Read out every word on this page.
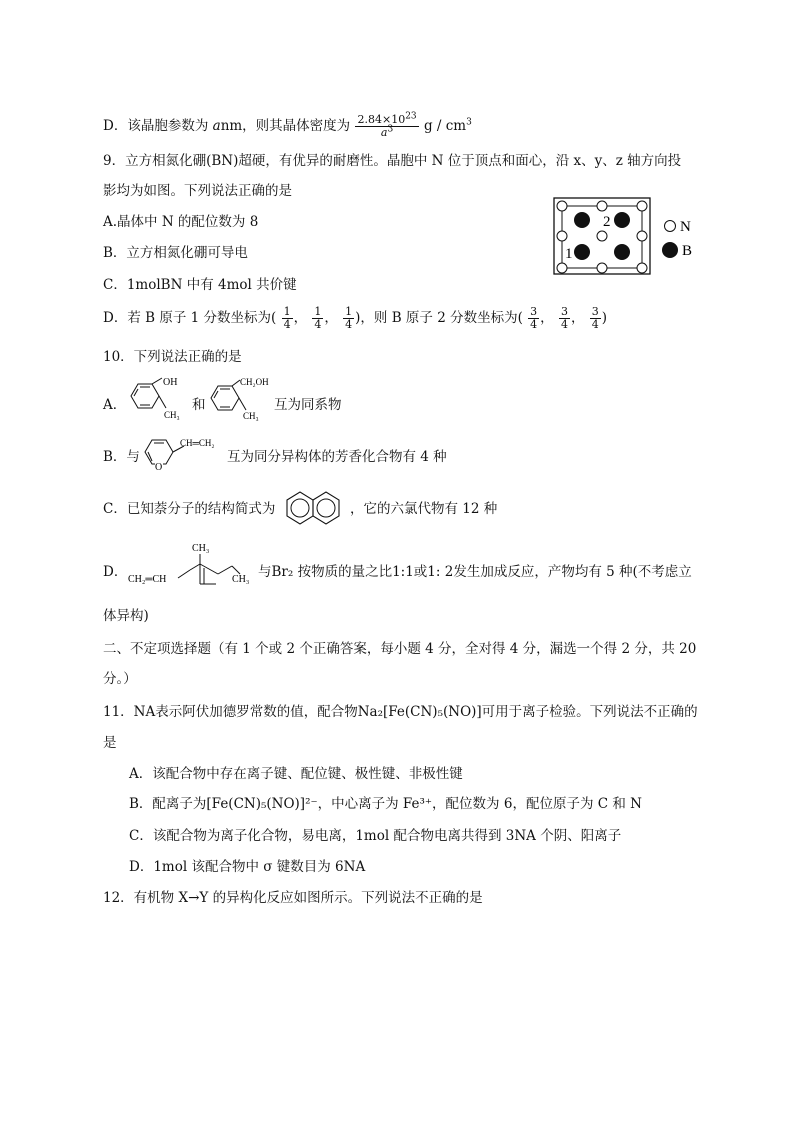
D．该晶胞参数为 anm，则其晶体密度为 $\frac{2.84\times 10^{23}}{a^3}$ g / $cm^3$
9．立方相氮化硼(BN)超硬，有优异的耐磨性。晶胞中 N 位于顶点和面心，沿 x、y、z 轴方向投
影均为如图。下列说法正确的是
A.晶体中 N 的配位数为 8
B．立方相氮化硼可导电
C．1molBN 中有 4mol 共价键
D．若 B 原子 1 分数坐标为( $\frac{1}{4}$ ， $\frac{1}{4}$ ， $\frac{1}{4}$ )，则 B 原子 2 分数坐标为( $\frac{3}{4}$ ， $\frac{3}{4}$ ， $\frac{3}{4}$ )
2
1
N
B
10．下列说法正确的是
A．
OH
CH₃
和
CH₂OH
CH₃
互为同系物
B．与
O
CH═CH₂
互为同分异构体的芳香化合物有 4 种
C．已知萘分子的结构简式为	，它的六氯代物有 12 种
D．
CH₃
CH₂═CH	CH₃ 与Br₂ 按物质的量之比1:1或1: 2发生加成反应，产物均有 5 种(不考虑立
体异构)
二、不定项选择题（有 1 个或 2 个正确答案，每小题 4 分，全对得 4 分，漏选一个得 2 分，共 20
分。）
11．NA表示阿伏加德罗常数的值，配合物Na₂[Fe(CN)₅(NO)]可用于离子检验。下列说法不正确的
是
A．该配合物中存在离子键、配位键、极性键、非极性键
B．配离子为[Fe(CN)₅(NO)]²⁻，中心离子为 Fe³⁺，配位数为 6，配位原子为 C 和 N
C．该配合物为离子化合物，易电离，1mol 配合物电离共得到 3NA 个阴、阳离子
D．1mol 该配合物中 σ 键数目为 6NA
12．有机物 X→Y 的异构化反应如图所示。下列说法不正确的是
